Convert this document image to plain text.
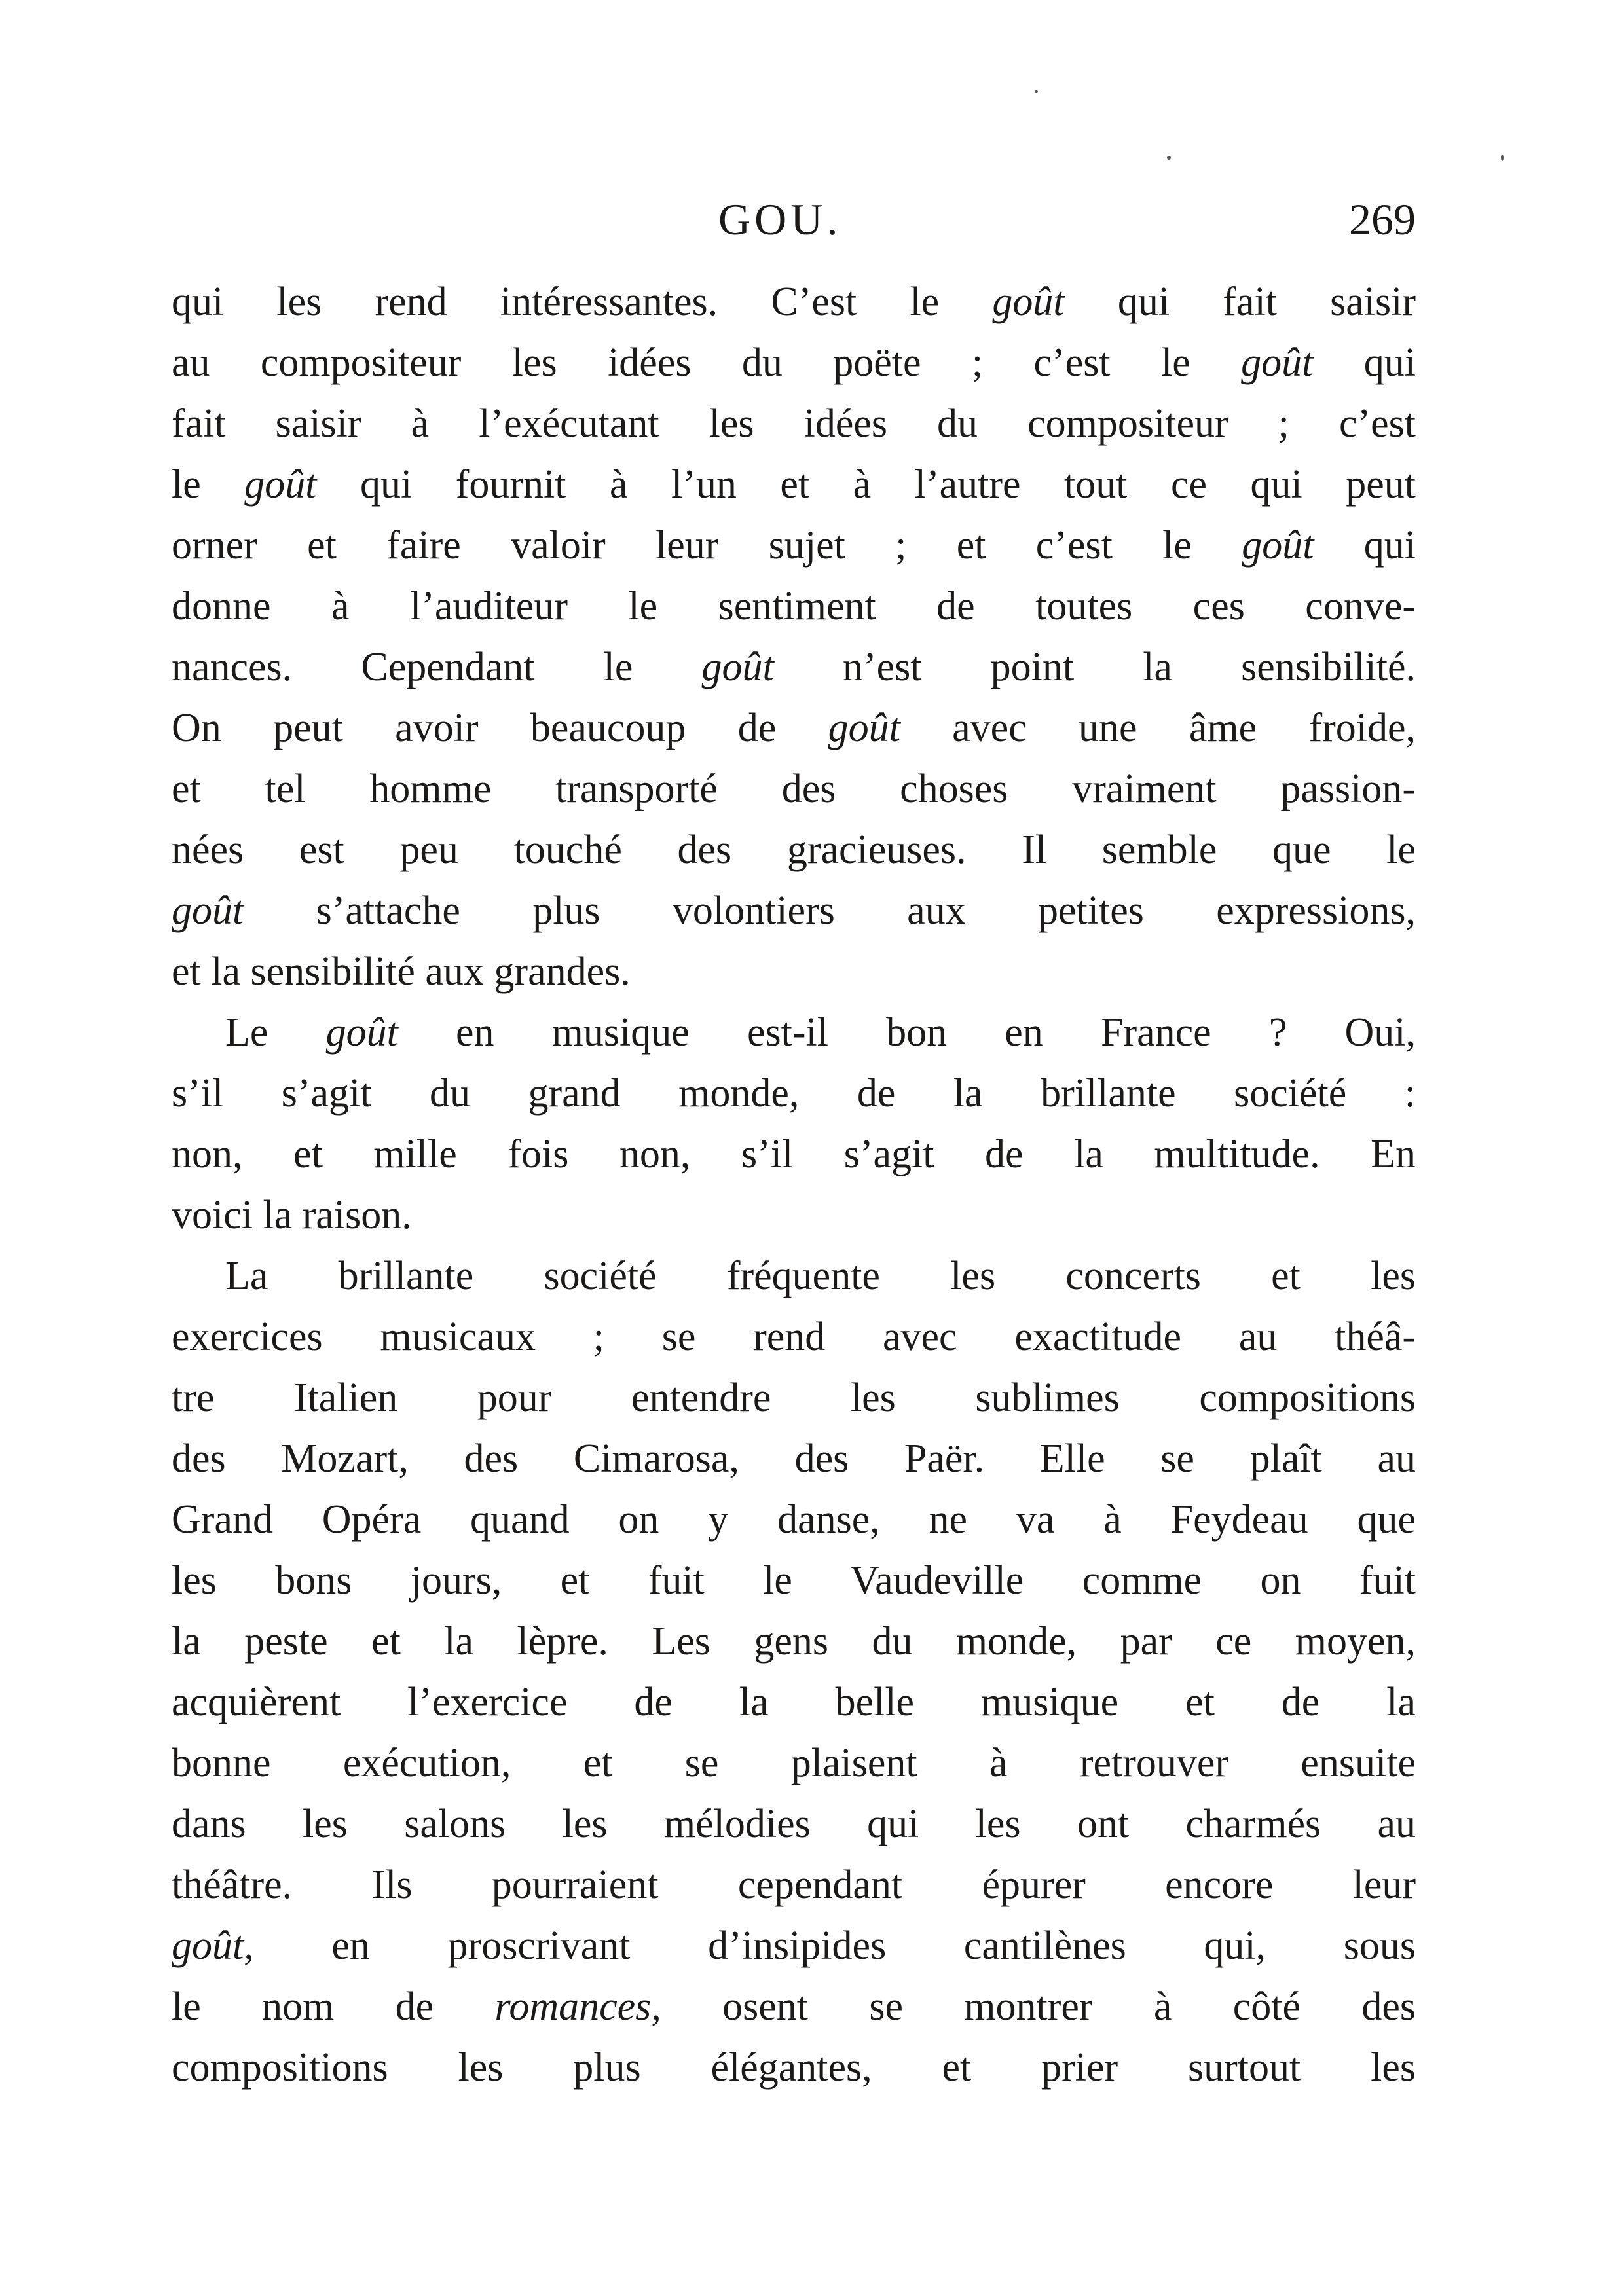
GOU.	269
qui les rend intéressantes. C’est le goût qui fait saisir
au compositeur les idées du poëte ; c’est le goût qui
fait saisir à l’exécutant les idées du compositeur ; c’est
le goût qui fournit à l’un et à l’autre tout ce qui peut
orner et faire valoir leur sujet ; et c’est le goût qui
donne à l’auditeur le sentiment de toutes ces conve-
nances. Cependant le goût n’est point la sensibilité.
On peut avoir beaucoup de goût avec une âme froide,
et tel homme transporté des choses vraiment passion-
nées est peu touché des gracieuses. Il semble que le
goût s’attache plus volontiers aux petites expressions,
et la sensibilité aux grandes.
Le goût en musique est-il bon en France ? Oui,
s’il s’agit du grand monde, de la brillante société :
non, et mille fois non, s’il s’agit de la multitude. En
voici la raison.
La brillante société fréquente les concerts et les
exercices musicaux ; se rend avec exactitude au théâ-
tre Italien pour entendre les sublimes compositions
des Mozart, des Cimarosa, des Paër. Elle se plaît au
Grand Opéra quand on y danse, ne va à Feydeau que
les bons jours, et fuit le Vaudeville comme on fuit
la peste et la lèpre. Les gens du monde, par ce moyen,
acquièrent l’exercice de la belle musique et de la
bonne exécution, et se plaisent à retrouver ensuite
dans les salons les mélodies qui les ont charmés au
théâtre. Ils pourraient cependant épurer encore leur
goût, en proscrivant d’insipides cantilènes qui, sous
le nom de romances, osent se montrer à côté des
compositions les plus élégantes, et prier surtout les
